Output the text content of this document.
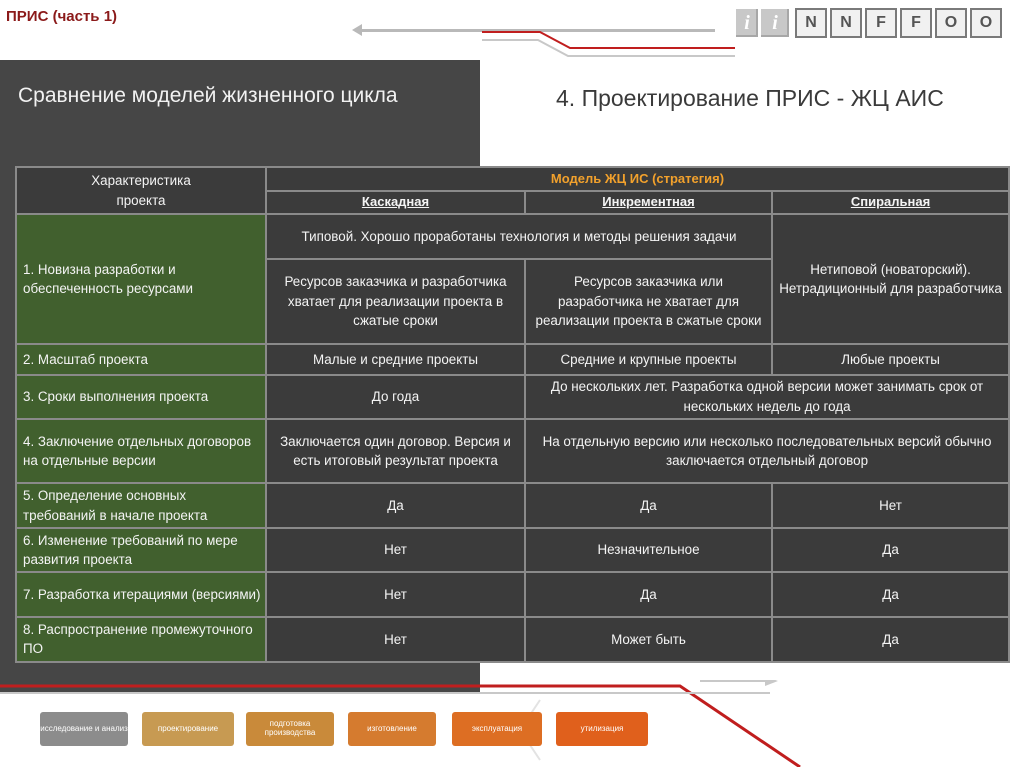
ПРИС (часть 1)	i	i	N	N	F	F	O	O
Сравнение моделей жизненного цикла	4. Проектирование ПРИС - ЖЦ АИС
Характеристика
проекта	Модель ЖЦ ИС (стратегия)		
	Каскадная	Инкрементная	Спиральная
1. Новизна разработки и обеспеченность ресурсами	Типовой. Хорошо проработаны технология и методы решения задачи		Нетиповой (новаторский). Нетрадиционный для разработчика
	Ресурсов заказчика и разработчика хватает для реализации проекта в сжатые сроки	Ресурсов заказчика или разработчика не хватает для реализации проекта в сжатые сроки	
2. Масштаб проекта	Малые и средние проекты	Средние и крупные проекты	Любые проекты
3. Сроки выполнения проекта	До года	До нескольких лет. Разработка одной версии может занимать срок от нескольких недель до года	
4. Заключение отдельных договоров на отдельные версии	Заключается один договор. Версия и есть итоговый результат проекта	На отдельную версию или несколько последовательных версий обычно заключается отдельный договор	
5. Определение основных требований в начале проекта	Да	Да	Нет
6. Изменение требований по мере развития проекта	Нет	Незначительное	Да
7. Разработка итерациями (версиями)	Нет	Да	Да
8. Распространение промежуточного ПО	Нет	Может быть	Да
исследование и анализ	проектирование	подготовка производства	изготовление	эксплуатация	утилизация
